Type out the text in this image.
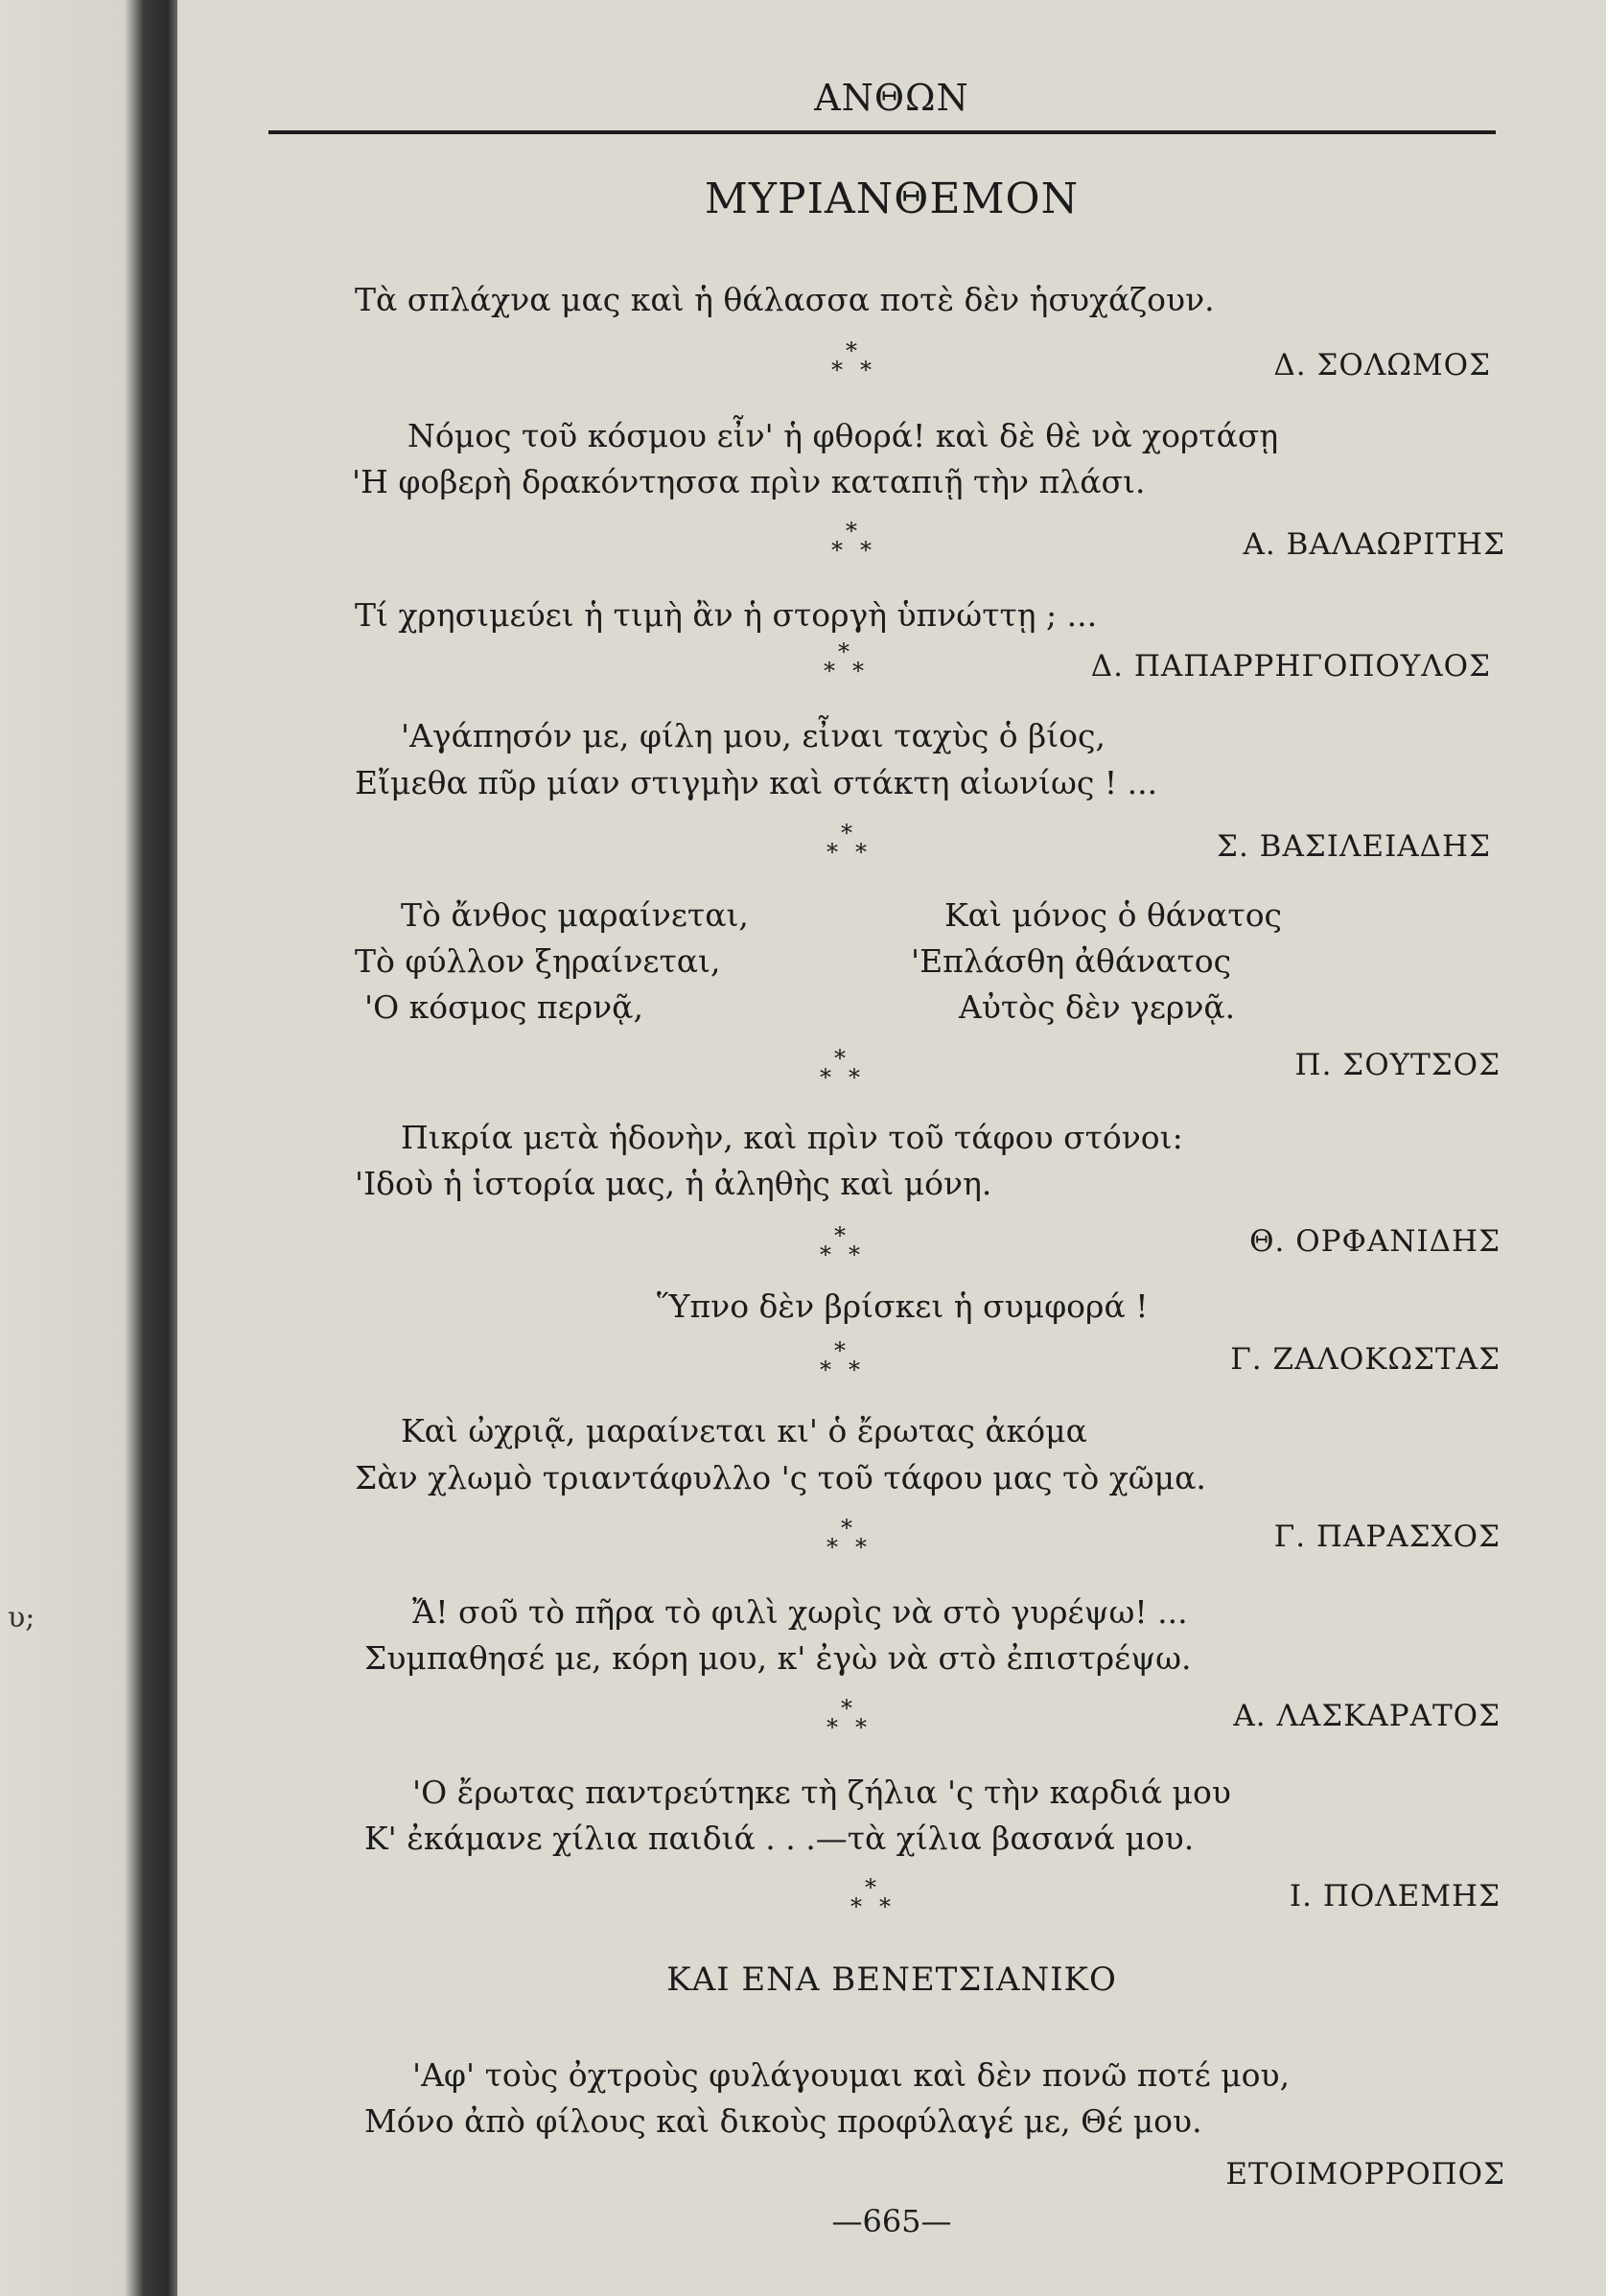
υ;
ΑΝΘΩΝ
ΜΥΡΙΑΝΘΕΜΟΝ
Τὰ σπλάχνα μας καὶ ἡ θάλασσα ποτὲ δὲν ἡσυχάζουν.
*
* *	Δ. ΣΟΛΩΜΟΣ
Νόμος τοῦ κόσμου εἶν' ἡ φθορά! καὶ δὲ θὲ νὰ χορτάσῃ
'Η φοβερὴ δρακόντησσα πρὶν καταπιῇ τὴν πλάσι.
*
* *	Α. ΒΑΛΑΩΡΙΤΗΣ
Τί χρησιμεύει ἡ τιμὴ ἂν ἡ στοργὴ ὑπνώττῃ ; ...
*
* *	Δ. ΠΑΠΑΡΡΗΓΟΠΟΥΛΟΣ
'Αγάπησόν με, φίλη μου, εἶναι ταχὺς ὁ βίος,
Εἴμεθα πῦρ μίαν στιγμὴν καὶ στάκτη αἰωνίως ! ...
*
* *	Σ. ΒΑΣΙΛΕΙΑΔΗΣ
Τὸ ἄνθος μαραίνεται,
Τὸ φύλλον ξηραίνεται,
'Ο κόσμος περνᾷ,
Καὶ μόνος ὁ θάνατος
'Επλάσθη ἀθάνατος
Αὐτὸς δὲν γερνᾷ.
*
* *	Π. ΣΟΥΤΣΟΣ
Πικρία μετὰ ἡδονὴν, καὶ πρὶν τοῦ τάφου στόνοι:
'Ιδοὺ ἡ ἱστορία μας, ἡ ἀληθὴς καὶ μόνη.
*
* *	Θ. ΟΡΦΑΝΙΔΗΣ
Ὕπνο δὲν βρίσκει ἡ συμφορά !
*
* *	Γ. ΖΑΛΟΚΩΣΤΑΣ
Καὶ ὠχριᾷ, μαραίνεται κι' ὁ ἔρωτας ἀκόμα
Σὰν χλωμὸ τριαντάφυλλο 'ς τοῦ τάφου μας τὸ χῶμα.
*
* *	Γ. ΠΑΡΑΣΧΟΣ
Ἄ! σοῦ τὸ πῆρα τὸ φιλὶ χωρὶς νὰ στὸ γυρέψω! ...
Συμπαθησέ με, κόρη μου, κ' ἐγὼ νὰ στὸ ἐπιστρέψω.
*
* *	Α. ΛΑΣΚΑΡΑΤΟΣ
'Ο ἔρωτας παντρεύτηκε τὴ ζήλια 'ς τὴν καρδιά μου
Κ' ἐκάμανε χίλια παιδιά . . .—τὰ χίλια βασανά μου.
*
* *	Ι. ΠΟΛΕΜΗΣ
ΚΑΙ ΕΝΑ ΒΕΝΕΤΣΙΑΝΙΚΟ
'Αφ' τοὺς ὀχτροὺς φυλάγουμαι καὶ δὲν πονῶ ποτέ μου,
Μόνο ἀπὸ φίλους καὶ δικοὺς προφύλαγέ με, Θέ μου.
ΕΤΟΙΜΟΡΡΟΠΟΣ
—665—
